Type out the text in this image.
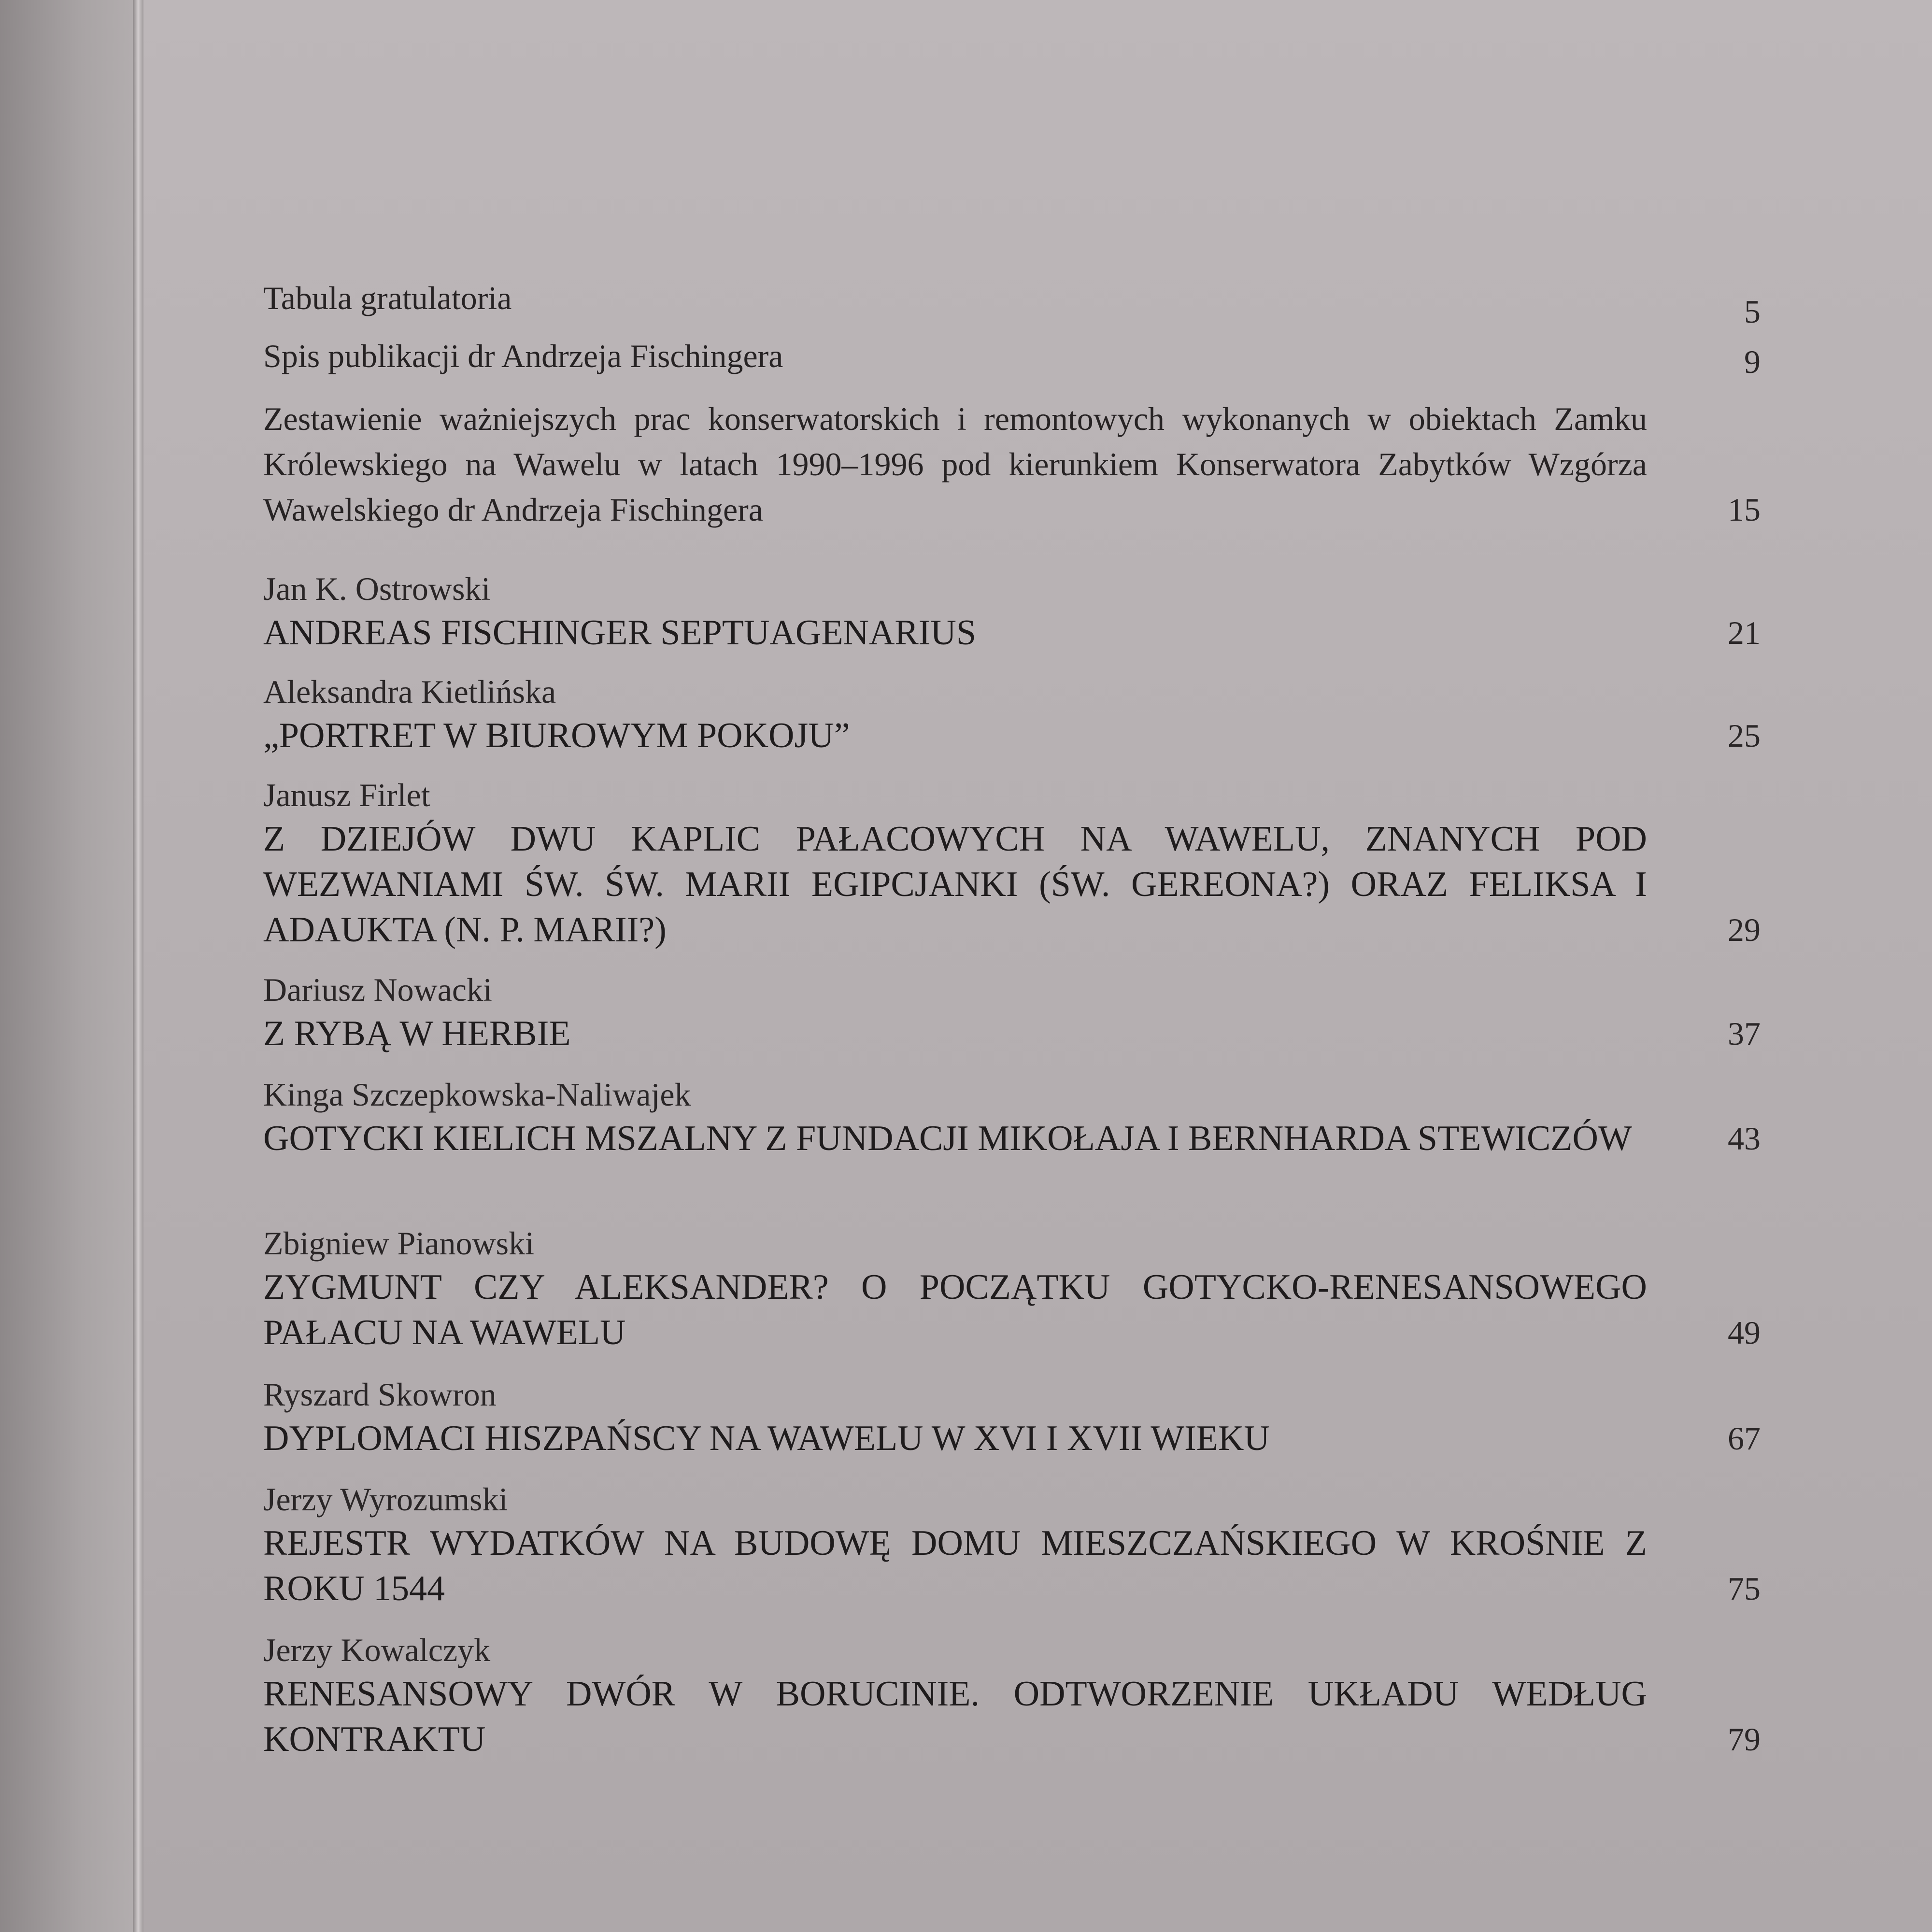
Tabula gratulatoria	5
Spis publikacji dr Andrzeja Fischingera	9
Zestawienie ważniejszych prac konserwatorskich i remontowych wykonanych w obiektach Zamku Królewskiego na Wawelu w latach 1990–1996 pod kierunkiem Konserwatora Zabytków Wzgórza Wawelskiego dr Andrzeja Fischingera	15
Jan K. Ostrowski
ANDREAS FISCHINGER SEPTUAGENARIUS	21
Aleksandra Kietlińska
„PORTRET W BIUROWYM POKOJU”	25
Janusz Firlet
Z DZIEJÓW DWU KAPLIC PAŁACOWYCH NA WAWELU, ZNANYCH POD WEZWANIAMI ŚW. ŚW. MARII EGIPCJANKI (ŚW. GEREONA?) ORAZ FELIKSA I ADAUKTA (N. P. MARII?)	29
Dariusz Nowacki
Z RYBĄ W HERBIE	37
Kinga Szczepkowska-Naliwajek
GOTYCKI KIELICH MSZALNY Z FUNDACJI MIKOŁAJA I BERNHARDA STEWICZÓW	43
Zbigniew Pianowski
ZYGMUNT CZY ALEKSANDER? O POCZĄTKU GOTYCKO-RENESANSOWEGO PAŁACU NA WAWELU	49
Ryszard Skowron
DYPLOMACI HISZPAŃSCY NA WAWELU W XVI I XVII WIEKU	67
Jerzy Wyrozumski
REJESTR WYDATKÓW NA BUDOWĘ DOMU MIESZCZAŃSKIEGO W KROŚNIE Z ROKU 1544	75
Jerzy Kowalczyk
RENESANSOWY DWÓR W BORUCINIE. ODTWORZENIE UKŁADU WEDŁUG KONTRAKTU	79
